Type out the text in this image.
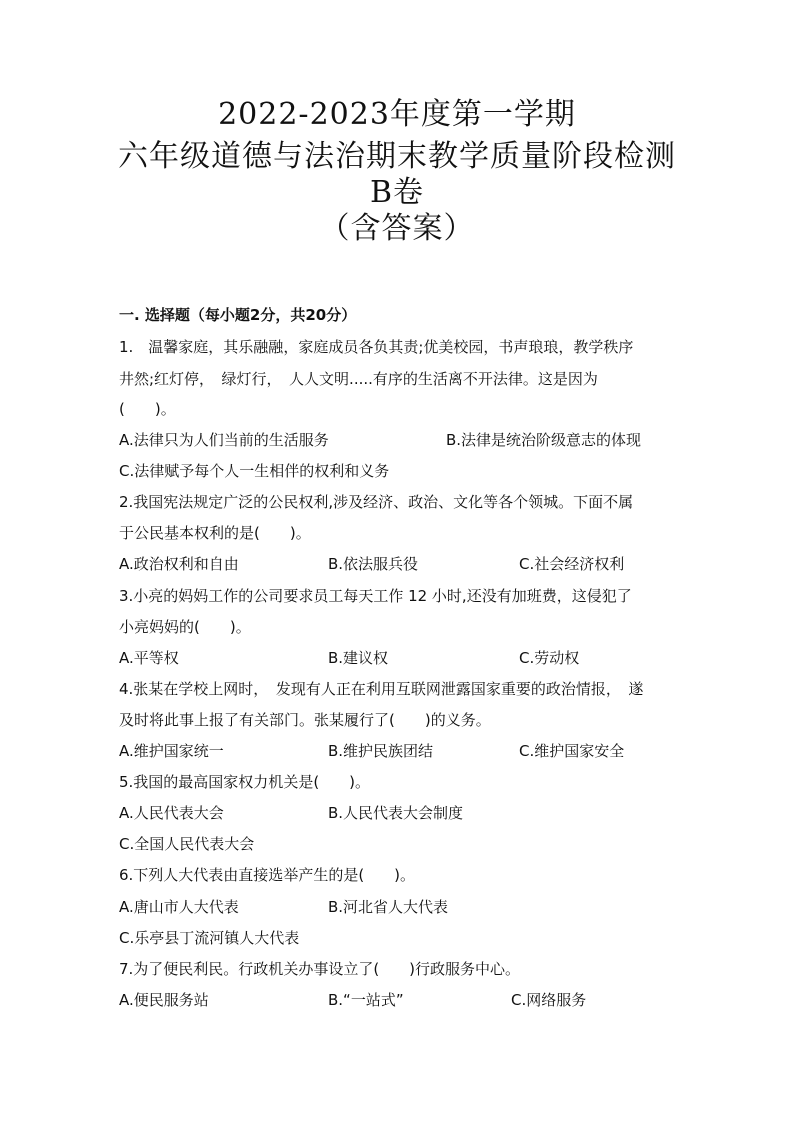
2022-2023年度第一学期
六年级道德与法治期末教学质量阶段检测
B卷
（含答案）
一. 选择题（每小题2分，共20分）
1.　温馨家庭，其乐融融，家庭成员各负其责;优美校园，书声琅琅，教学秩序
井然;红灯停，　绿灯行，　人人文明.....有序的生活离不开法律。这是因为
(　　)。
A.法律只为人们当前的生活服务	B.法律是统治阶级意志的体现
C.法律赋予每个人一生相伴的权利和义务
2.我国宪法规定广泛的公民权利,涉及经济、政治、文化等各个领城。下面不属
于公民基本权利的是(　　)。
A.政治权利和自由	B.依法服兵役	C.社会经济权利
3.小亮的妈妈工作的公司要求员工每天工作 12 小时,还没有加班费，这侵犯了
小亮妈妈的(　　)。
A.平等权	B.建议权	C.劳动权
4.张某在学校上网时，　发现有人正在利用互联网泄露国家重要的政治情报，　遂
及时将此事上报了有关部门。张某履行了(　　)的义务。
A.维护国家统一	B.维护民族团结	C.维护国家安全
5.我国的最高国家权力机关是(　　)。
A.人民代表大会	B.人民代表大会制度
C.全国人民代表大会
6.下列人大代表由直接选举产生的是(　　)。
A.唐山市人大代表	B.河北省人大代表
C.乐亭县丁流河镇人大代表
7.为了便民利民。行政机关办事设立了(　　)行政服务中心。
A.便民服务站	B.“一站式”	C.网络服务
